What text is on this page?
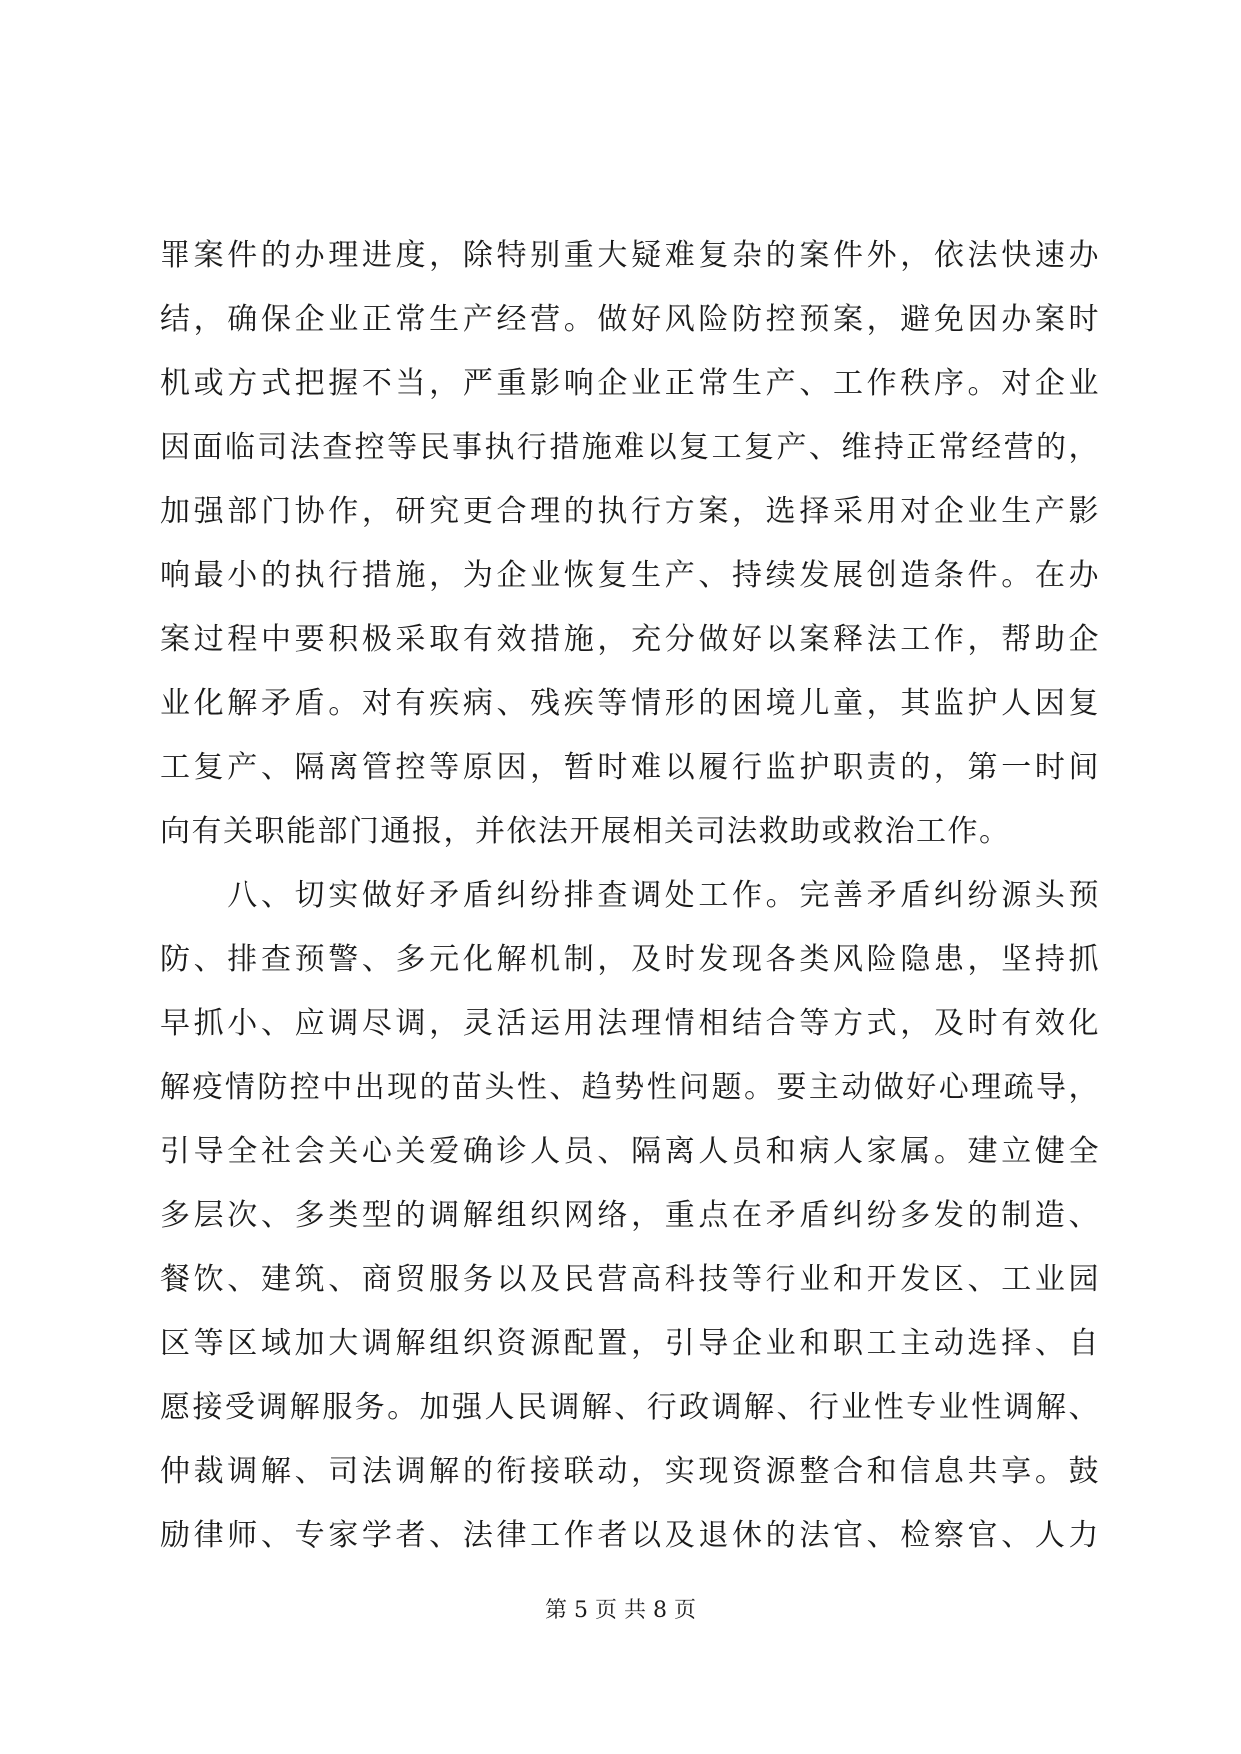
罪案件的办理进度，除特别重大疑难复杂的案件外，依法快速办
结，确保企业正常生产经营。做好风险防控预案，避免因办案时
机或方式把握不当，严重影响企业正常生产、工作秩序。对企业
因面临司法查控等民事执行措施难以复工复产、维持正常经营的，
加强部门协作，研究更合理的执行方案，选择采用对企业生产影
响最小的执行措施，为企业恢复生产、持续发展创造条件。在办
案过程中要积极采取有效措施，充分做好以案释法工作，帮助企
业化解矛盾。对有疾病、残疾等情形的困境儿童，其监护人因复
工复产、隔离管控等原因，暂时难以履行监护职责的，第一时间
向有关职能部门通报，并依法开展相关司法救助或救治工作。
　　八、切实做好矛盾纠纷排查调处工作。完善矛盾纠纷源头预
防、排查预警、多元化解机制，及时发现各类风险隐患，坚持抓
早抓小、应调尽调，灵活运用法理情相结合等方式，及时有效化
解疫情防控中出现的苗头性、趋势性问题。要主动做好心理疏导，
引导全社会关心关爱确诊人员、隔离人员和病人家属。建立健全
多层次、多类型的调解组织网络，重点在矛盾纠纷多发的制造、
餐饮、建筑、商贸服务以及民营高科技等行业和开发区、工业园
区等区域加大调解组织资源配置，引导企业和职工主动选择、自
愿接受调解服务。加强人民调解、行政调解、行业性专业性调解、
仲裁调解、司法调解的衔接联动，实现资源整合和信息共享。鼓
励律师、专家学者、法律工作者以及退休的法官、检察官、人力
第 5 页 共 8 页
